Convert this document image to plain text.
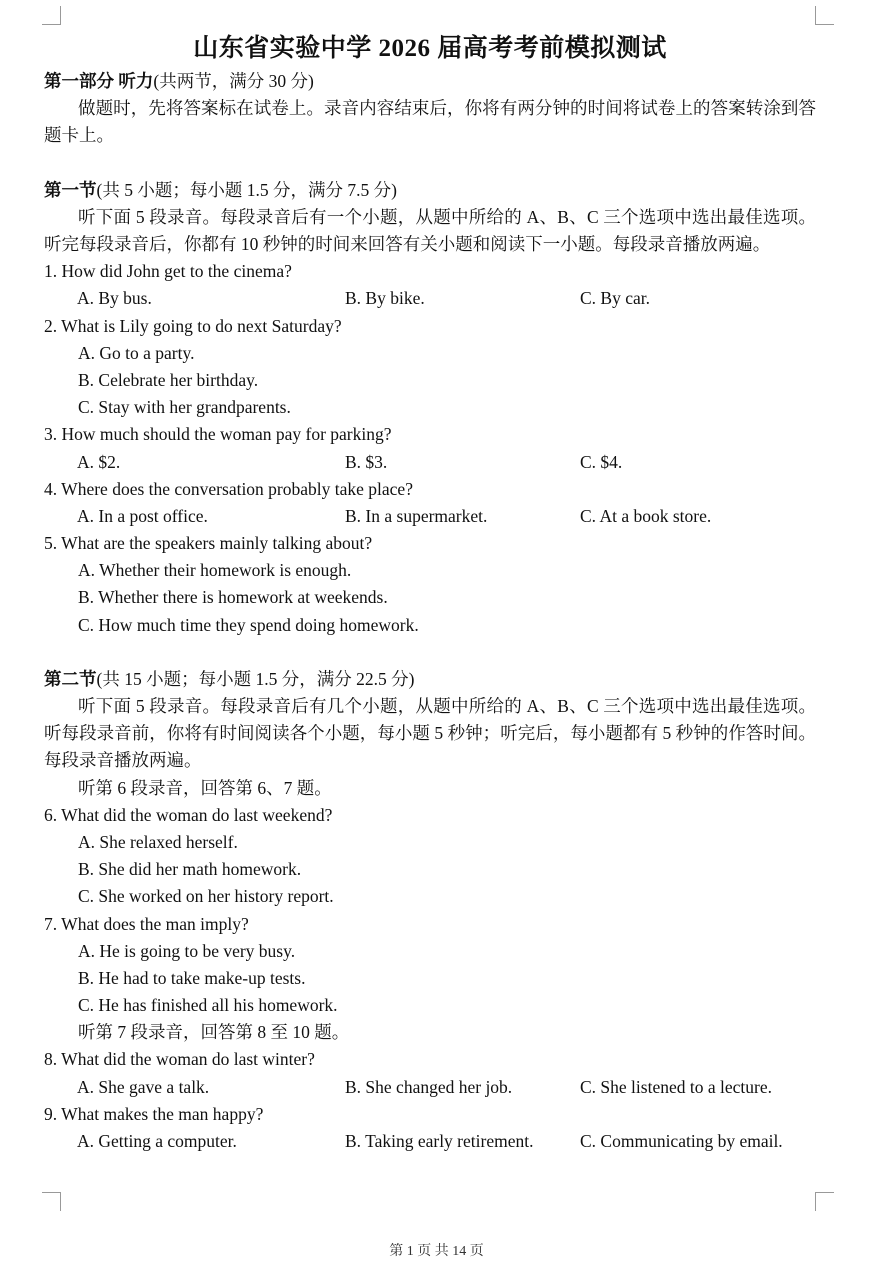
山东省实验中学 2026 届高考考前模拟测试
第一部分 听力(共两节，满分 30 分)
做题时，先将答案标在试卷上。录音内容结束后，你将有两分钟的时间将试卷上的答案转涂到答题卡上。
第一节(共 5 小题；每小题 1.5 分，满分 7.5 分)
听下面 5 段录音。每段录音后有一个小题，从题中所给的 A、B、C 三个选项中选出最佳选项。听完每段录音后，你都有 10 秒钟的时间来回答有关小题和阅读下一小题。每段录音播放两遍。
1. How did John get to the cinema?
A. By bus.	B. By bike.	C. By car.
2. What is Lily going to do next Saturday?
A. Go to a party.
B. Celebrate her birthday.
C. Stay with her grandparents.
3. How much should the woman pay for parking?
A. $2.	B. $3.	C. $4.
4. Where does the conversation probably take place?
A. In a post office.	B. In a supermarket.	C. At a book store.
5. What are the speakers mainly talking about?
A. Whether their homework is enough.
B. Whether there is homework at weekends.
C. How much time they spend doing homework.
第二节(共 15 小题；每小题 1.5 分，满分 22.5 分)
听下面 5 段录音。每段录音后有几个小题，从题中所给的 A、B、C 三个选项中选出最佳选项。听每段录音前，你将有时间阅读各个小题，每小题 5 秒钟；听完后，每小题都有 5 秒钟的作答时间。每段录音播放两遍。
听第 6 段录音，回答第 6、7 题。
6. What did the woman do last weekend?
A. She relaxed herself.
B. She did her math homework.
C. She worked on her history report.
7. What does the man imply?
A. He is going to be very busy.
B. He had to take make-up tests.
C. He has finished all his homework.
听第 7 段录音，回答第 8 至 10 题。
8. What did the woman do last winter?
A. She gave a talk.	B. She changed her job.	C. She listened to a lecture.
9. What makes the man happy?
A. Getting a computer.	B. Taking early retirement.	C. Communicating by email.
第 1 页 共 14 页
